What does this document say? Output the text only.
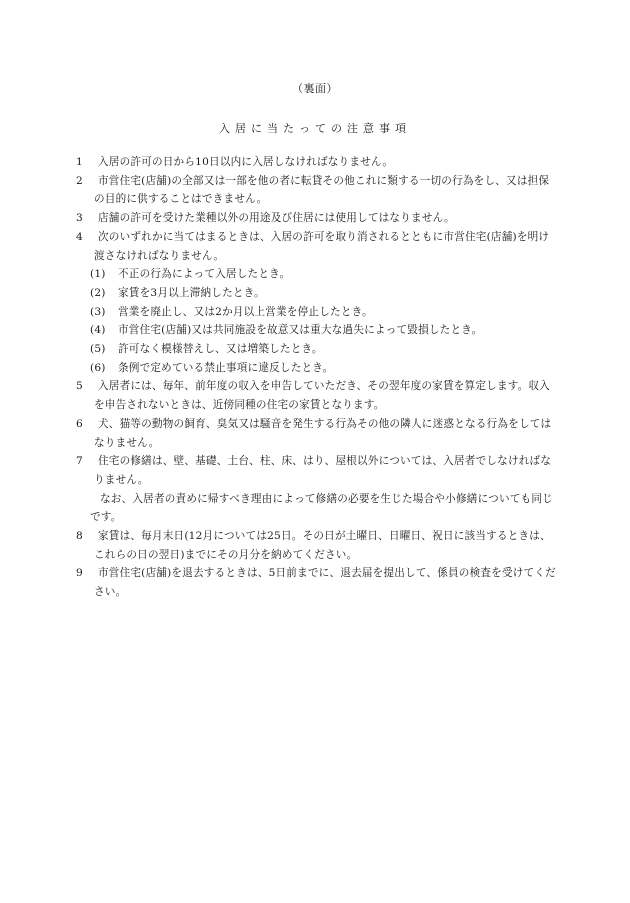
（裏面）
入居に当たっての注意事項
1	入居の許可の日から10日以内に入居しなければなりません。
2	市営住宅(店舗)の全部又は一部を他の者に転貸その他これに類する一切の行為をし、又は担保の目的に供することはできません。
3	店舗の許可を受けた業種以外の用途及び住居には使用してはなりません。
4	次のいずれかに当てはまるときは、入居の許可を取り消されるとともに市営住宅(店舗)を明け渡さなければなりません。
(1) 不正の行為によって入居したとき。
(2) 家賃を3月以上滞納したとき。
(3) 営業を廃止し、又は2か月以上営業を停止したとき。
(4) 市営住宅(店舗)又は共同施設を故意又は重大な過失によって毀損したとき。
(5) 許可なく模様替えし、又は増築したとき。
(6) 条例で定めている禁止事項に違反したとき。
5	入居者には、毎年、前年度の収入を申告していただき、その翌年度の家賃を算定します。収入を申告されないときは、近傍同種の住宅の家賃となります。
6	犬、猫等の動物の飼育、臭気又は騒音を発生する行為その他の隣人に迷惑となる行為をしてはなりません。
7	住宅の修繕は、壁、基礎、土台、柱、床、はり、屋根以外については、入居者でしなければなりません。
なお、入居者の責めに帰すべき理由によって修繕の必要を生じた場合や小修繕についても同じです。
8	家賃は、毎月末日(12月については25日。その日が土曜日、日曜日、祝日に該当するときは、これらの日の翌日)までにその月分を納めてください。
9	市営住宅(店舗)を退去するときは、5日前までに、退去届を提出して、係員の検査を受けてください。
